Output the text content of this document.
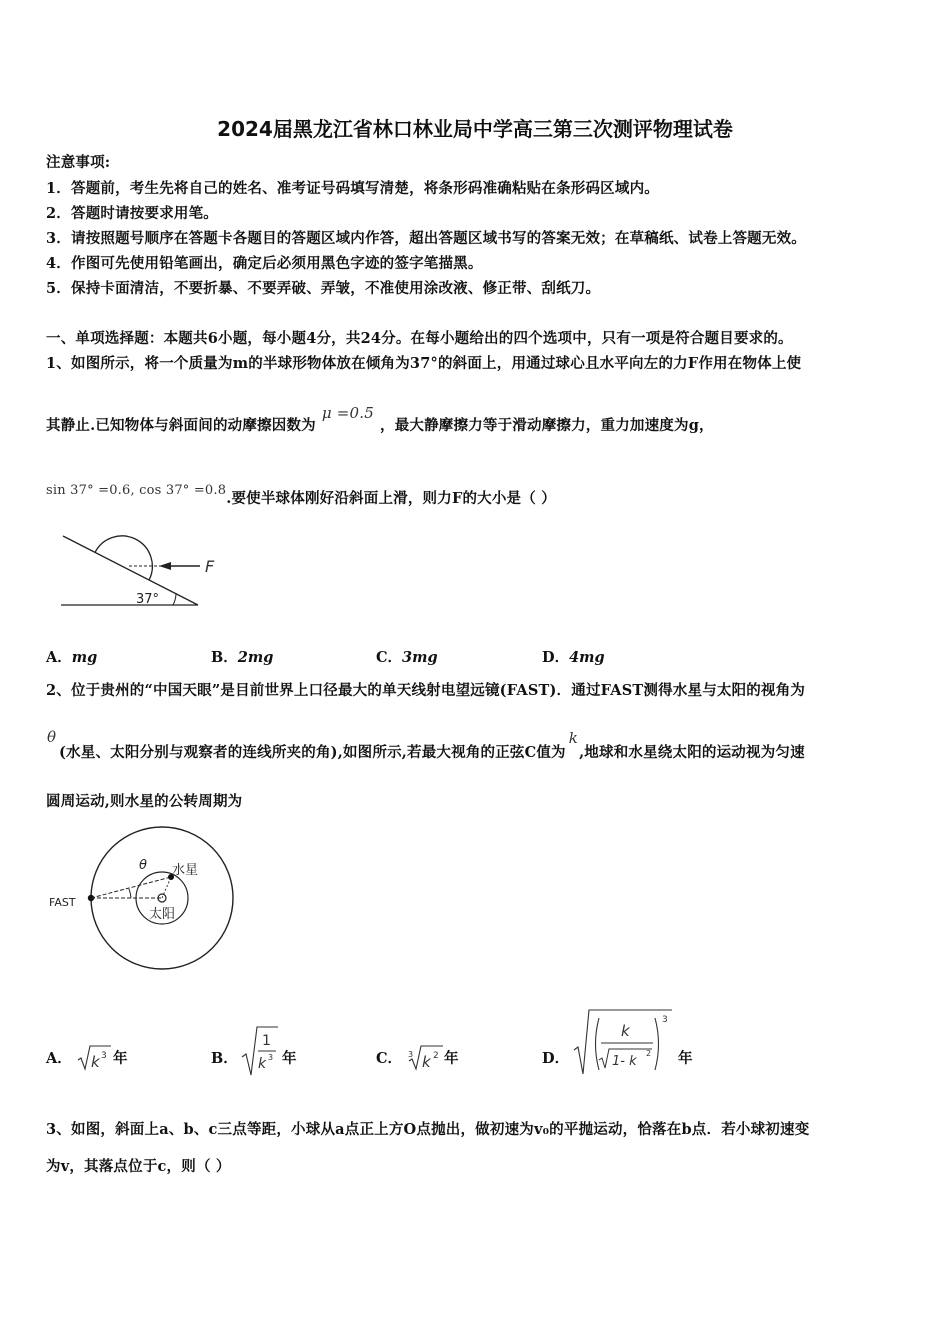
2024届黑龙江省林口林业局中学高三第三次测评物理试卷
注意事项:
1．答题前，考生先将自己的姓名、准考证号码填写清楚，将条形码准确粘贴在条形码区域内。
2．答题时请按要求用笔。
3．请按照题号顺序在答题卡各题目的答题区域内作答，超出答题区域书写的答案无效；在草稿纸、试卷上答题无效。
4．作图可先使用铅笔画出，确定后必须用黑色字迹的签字笔描黑。
5．保持卡面清洁，不要折暴、不要弄破、弄皱，不准使用涂改液、修正带、刮纸刀。
一、单项选择题：本题共6小题，每小题4分，共24分。在每小题给出的四个选项中，只有一项是符合题目要求的。
1、如图所示，将一个质量为m的半球形物体放在倾角为37°的斜面上，用通过球心且水平向左的力F作用在物体上使
其静止.已知物体与斜面间的动摩擦因数为μ =0.5，最大静摩擦力等于滑动摩擦力，重力加速度为g，
sin 37° =0.6, cos 37° =0.8.要使半球体刚好沿斜面上滑，则力F的大小是（ ）
F
37°
A．mg	B．2mg	C．3mg	D．4mg
2、位于贵州的“中国天眼”是目前世界上口径最大的单天线射电望远镜(FAST)．通过FAST测得水星与太阳的视角为
θ
(水星、太阳分别与观察者的连线所夹的角),如图所示,若最大视角的正弦C值为k,地球和水星绕太阳的运动视为匀速
圆周运动,则水星的公转周期为
FAST
θ 水星
太阳
A． k 3 年	B．
1
k 3 年	C． 3 k 2 年	D．
k
1- k
2
3
年
3、如图，斜面上a、b、c三点等距，小球从a点正上方O点抛出，做初速为v₀的平抛运动，恰落在b点．若小球初速变
为v，其落点位于c，则（ ）
